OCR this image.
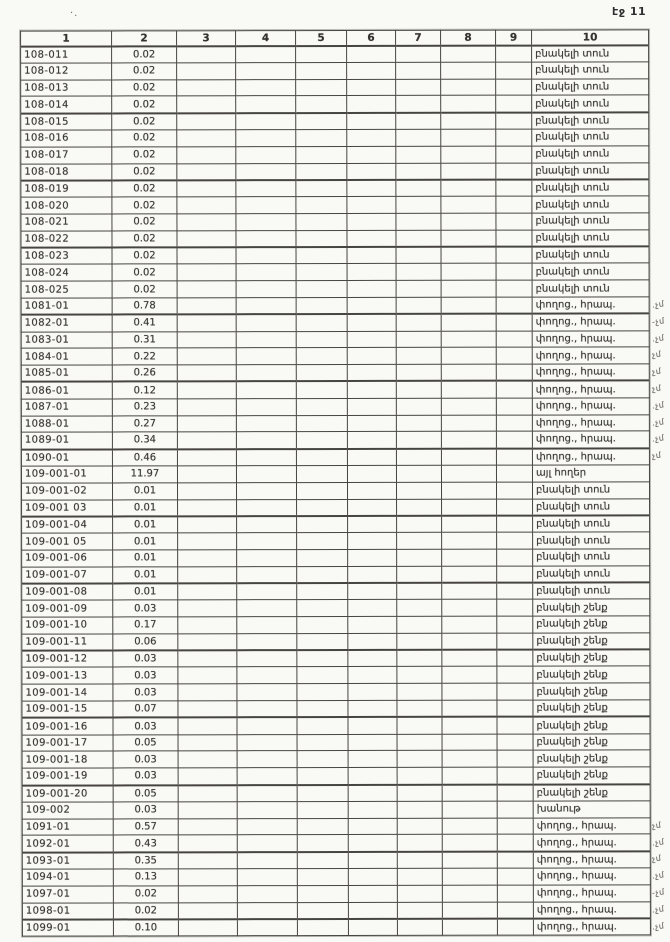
·.	էջ 11
1	2	3	4	5	6	7	8	9	10
108-011	0.02								բնակելի տուն
108-012	0.02								բնակելի տուն
108-013	0.02								բնակելի տուն
108-014	0.02								բնակելի տուն
108-015	0.02								բնակելի տուն
108-016	0.02								բնակելի տուն
108-017	0.02								բնակելի տուն
108-018	0.02								բնակելի տուն
108-019	0.02								բնակելի տուն
108-020	0.02								բնակելի տուն
108-021	0.02								բնակելի տուն
108-022	0.02								բնակելի տուն
108-023	0.02								բնակելի տուն
108-024	0.02								բնակելի տուն
108-025	0.02								բնակելի տուն
1081-01	0.78								փողոց., հրապ.
1082-01	0.41								փողոց., հրապ.
1083-01	0.31								փողոց., հրապ.
1084-01	0.22								փողոց., հրապ.
1085-01	0.26								փողոց., հրապ.
1086-01	0.12								փողոց., հրապ.
1087-01	0.23								փողոց., հրապ.
1088-01	0.27								փողոց., հրապ.
1089-01	0.34								փողոց., հրապ.
1090-01	0.46								փողոց., հրապ.
109-001-01	11.97								այլ հողեր
109-001-02	0.01								բնակելի տուն
109-001 03	0.01								բնակելի տուն
109-001-04	0.01								բնակելի տուն
109-001 05	0.01								բնակելի տուն
109-001-06	0.01								բնակելի տուն
109-001-07	0.01								բնակելի տուն
109-001-08	0.01								բնակելի տուն
109-001-09	0.03								բնակելի շենք
109-001-10	0.17								բնակելի շենք
109-001-11	0.06								բնակելի շենք
109-001-12	0.03								բնակելի շենք
109-001-13	0.03								բնակելի շենք
109-001-14	0.03								բնակելի շենք
109-001-15	0.07								բնակելի շենք
109-001-16	0.03								բնակելի շենք
109-001-17	0.05								բնակելի շենք
109-001-18	0.03								բնակելի շենք
109-001-19	0.03								բնակելի շենք
109-001-20	0.05								բնակելի շենք
109-002	0.03								խանութ
1091-01	0.57								փողոց., հրապ.
1092-01	0.43								փողոց., հրապ.
1093-01	0.35								փողոց., հրապ.
1094-01	0.13								փողոց., հրապ.
1097-01	0.02								փողոց., հրապ.
1098-01	0.02								փողոց., հրապ.
1099-01	0.10								փողոց., հրապ.
.չմ
-չմ
.չմ
չմ
չմ
չմ
.չմ
.չմ
.չմ
չմ
չմ
.չմ
չմ
.չմ
-չմ
.չմ
.չմ
